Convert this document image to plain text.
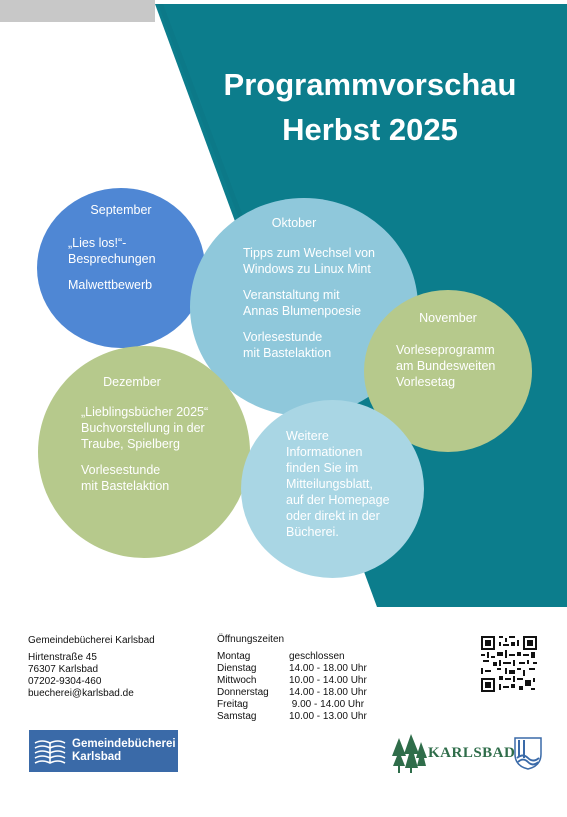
Programmvorschau
Herbst 2025
September

„Lies los!“-
Besprechungen

Malwettbewerb

Oktober

Tipps zum Wechsel von
Windows zu Linux Mint

Veranstaltung mit
Annas Blumenpoesie

Vorlesestunde
mit Bastelaktion

November

Vorleseprogramm
am Bundesweiten
Vorlesetag

Dezember

„Lieblingsbücher 2025“
Buchvorstellung in der
Traube, Spielberg

Vorlesestunde
mit Bastelaktion

Weitere
Informationen
finden Sie im
Mitteilungsblatt,
auf der Homepage
oder direkt in der
Bücherei.

Gemeindebücherei Karlsbad
Hirtenstraße 45
76307 Karlsbad
07202-9304-460
buecherei@karlsbad.de
Öffnungszeiten
Montag	geschlossen
Dienstag	14.00 - 18.00 Uhr
Mittwoch	10.00 - 14.00 Uhr
Donnerstag	14.00 - 18.00 Uhr
Freitag	9.00 - 14.00 Uhr
Samstag	10.00 - 13.00 Uhr
Gemeindebücherei
Karlsbad	KARLSBAD
